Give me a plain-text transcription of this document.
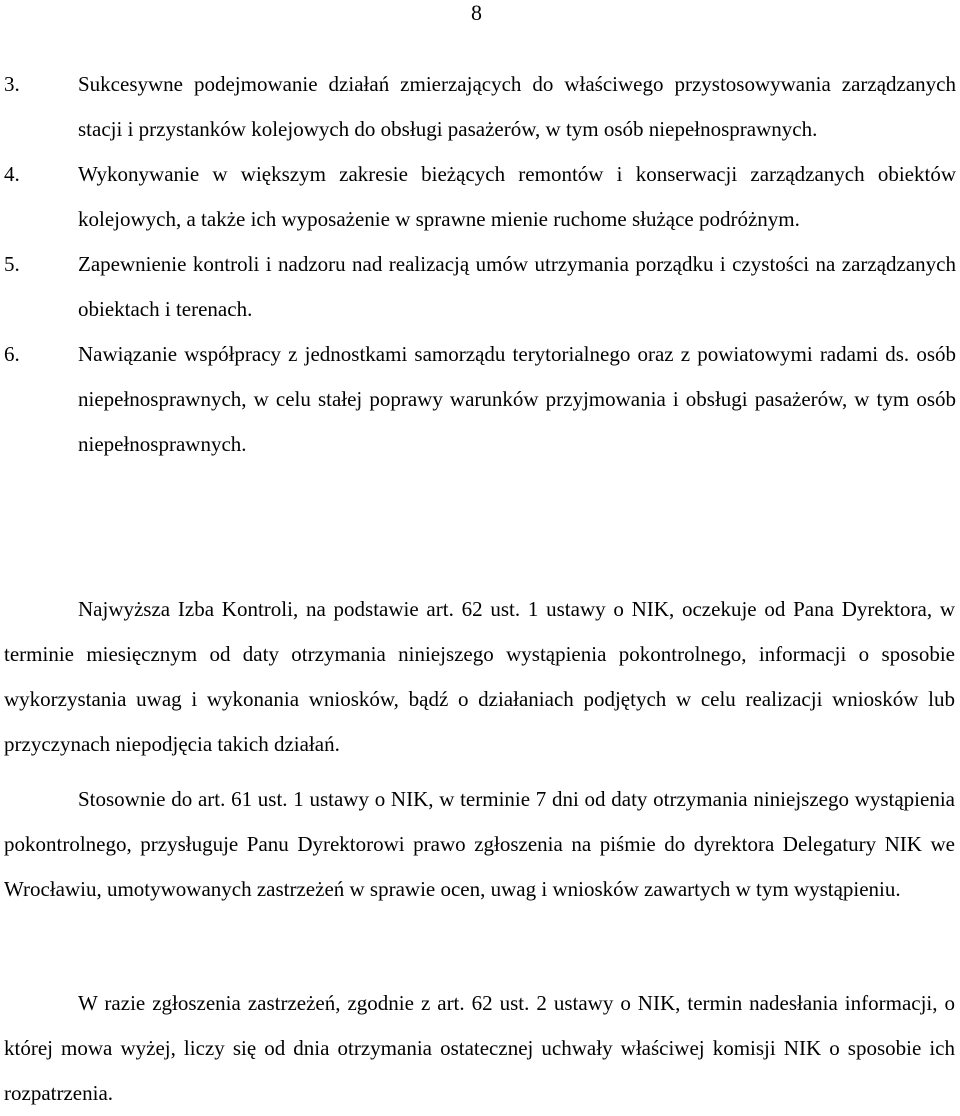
8
3.	Sukcesywne podejmowanie działań zmierzających do właściwego przystosowywania zarządzanych stacji i przystanków kolejowych do obsługi pasażerów, w tym osób niepełnosprawnych.
4.	Wykonywanie w większym zakresie bieżących remontów i konserwacji zarządzanych obiektów kolejowych, a także ich wyposażenie w sprawne mienie ruchome służące podróżnym.
5.	Zapewnienie kontroli i nadzoru nad realizacją umów utrzymania porządku i czystości na zarządzanych obiektach i terenach.
6.	Nawiązanie współpracy z jednostkami samorządu terytorialnego oraz z powiatowymi radami ds. osób niepełnosprawnych, w celu stałej poprawy warunków przyjmowania i obsługi pasażerów, w tym osób niepełnosprawnych.

Najwyższa Izba Kontroli, na podstawie art. 62 ust. 1 ustawy o NIK, oczekuje od Pana Dyrektora, w terminie miesięcznym od daty otrzymania niniejszego wystąpienia pokontrolnego, informacji o sposobie wykorzystania uwag i wykonania wniosków, bądź o działaniach podjętych w celu realizacji wniosków lub przyczynach niepodjęcia takich działań.

Stosownie do art. 61 ust. 1 ustawy o NIK, w terminie 7 dni od daty otrzymania niniejszego wystąpienia pokontrolnego, przysługuje Panu Dyrektorowi prawo zgłoszenia na piśmie do dyrektora Delegatury NIK we Wrocławiu, umotywowanych zastrzeżeń w sprawie ocen, uwag i wniosków zawartych w tym wystąpieniu.

W razie zgłoszenia zastrzeżeń, zgodnie z art. 62 ust. 2 ustawy o NIK, termin nadesłania informacji, o której mowa wyżej, liczy się od dnia otrzymania ostatecznej uchwały właściwej komisji NIK o sposobie ich rozpatrzenia.
